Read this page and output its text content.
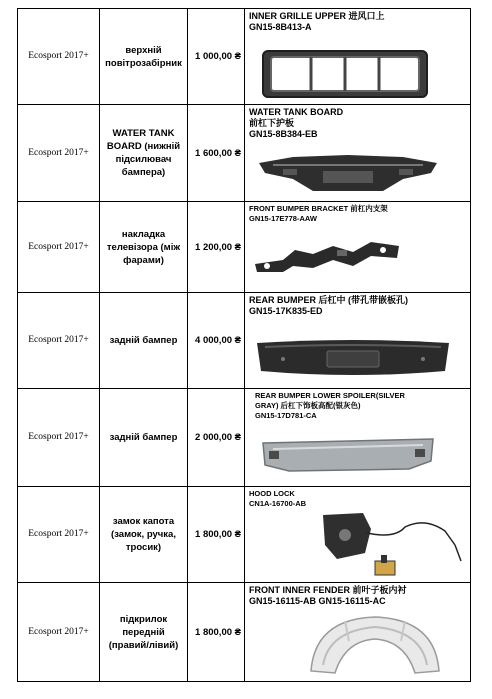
Ecosport 2017+	верхній повітрозабірник	1 000,00 ₴	INNER GRILLE UPPER 进风口上
GN15-8B413-A

Ecosport 2017+	WATER TANK BOARD (нижній підсилювач бампера)	1 600,00 ₴	WATER TANK BOARD
前杠下护板
GN15-8B384-EB

Ecosport 2017+	накладка телевізора (між фарами)	1 200,00 ₴	FRONT BUMPER BRACKET 前杠内支架
GN15-17E778-AAW

Ecosport 2017+	задній бампер	4 000,00 ₴	REAR BUMPER 后杠中 (带孔带嵌板孔)
GN15-17K835-ED

Ecosport 2017+	задній бампер	2 000,00 ₴	REAR BUMPER LOWER SPOILER(SILVER
GRAY) 后杠下饰板高配(银灰色)
GN15-17D781-CA

Ecosport 2017+	замок капота (замок, ручка, тросик)	1 800,00 ₴	HOOD LOCK
CN1A-16700-AB

Ecosport 2017+	підкрилок передній (правий/лівий)	1 800,00 ₴	FRONT INNER FENDER 前叶子板内衬
GN15-16115-AB GN15-16115-AC
